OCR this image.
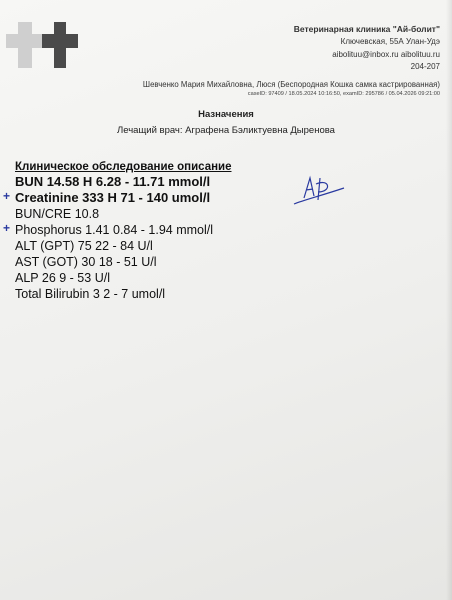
Ветеринарная клиника "Ай-болит"
Ключевская, 55А Улан-Удэ
aibolituu@inbox.ru aibolituu.ru
204-207
Шевченко Мария Михайловна, Люся (Беспородная Кошка самка кастрированная)
caseID: 97409 / 18.05.2024 10:16:50, examID: 295786 / 05.04.2026 09:21:00
Назначения
Лечащий врач: Аграфена Бэликтуевна Дыренова
Клиническое обследование описание
BUN 14.58 H 6.28 - 11.71 mmol/l
Creatinine 333 H 71 - 140 umol/l
BUN/CRE 10.8
Phosphorus 1.41 0.84 - 1.94 mmol/l
ALT (GPT) 75 22 - 84 U/l
AST (GOT) 30 18 - 51 U/l
ALP 26 9 - 53 U/l
Total Bilirubin 3 2 - 7 umol/l
+
+
